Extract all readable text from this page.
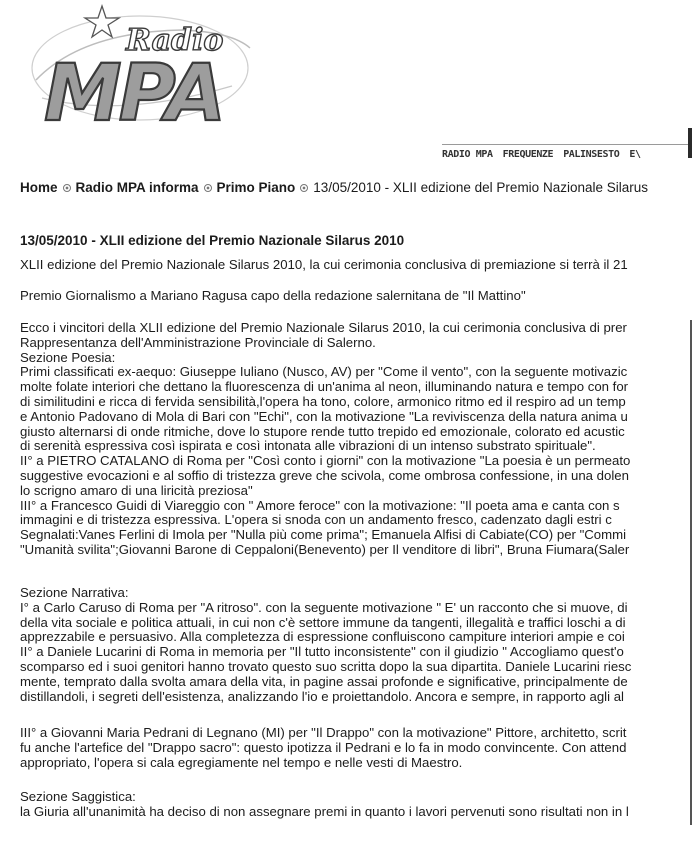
Radio
MPA
RADIO MPA FREQUENZE PALINSESTO E\
Home Radio MPA informa Primo Piano 13/05/2010 - XLII edizione del Premio Nazionale Silarus
13/05/2010 - XLII edizione del Premio Nazionale Silarus 2010
XLII edizione del Premio Nazionale Silarus 2010, la cui cerimonia conclusiva di premiazione si terrà il 21
Premio Giornalismo a Mariano Ragusa capo della redazione salernitana de "Il Mattino"
Ecco i vincitori della XLII edizione del Premio Nazionale Silarus 2010, la cui cerimonia conclusiva di prer
Rappresentanza dell'Amministrazione Provinciale di Salerno.
Sezione Poesia:
Primi classificati ex-aequo: Giuseppe Iuliano (Nusco, AV) per "Come il vento", con la seguente motivazic
molte folate interiori che dettano la fluorescenza di un'anima al neon, illuminando natura e tempo con for
di similitudini e ricca di fervida sensibilità,l'opera ha tono, colore, armonico ritmo ed il respiro ad un temp
e Antonio Padovano di Mola di Bari con "Echi", con la motivazione "La reviviscenza della natura anima u
giusto alternarsi di onde ritmiche, dove lo stupore rende tutto trepido ed emozionale, colorato ed acustic
di serenità espressiva così ispirata e così intonata alle vibrazioni di un intenso substrato spirituale".
II° a PIETRO CATALANO di Roma per "Così conto i giorni" con la motivazione "La poesia è un permeato
suggestive evocazioni e al soffio di tristezza greve che scivola, come ombrosa confessione, in una dolen
lo scrigno amaro di una liricità preziosa"
III° a Francesco Guidi di Viareggio con " Amore feroce" con la motivazione: "Il poeta ama e canta con s
immagini e di tristezza espressiva. L'opera si snoda con un andamento fresco, cadenzato dagli estri c
Segnalati:Vanes Ferlini di Imola per "Nulla più come prima"; Emanuela Alfisi di Cabiate(CO) per "Commi
"Umanità svilita";Giovanni Barone di Ceppaloni(Benevento) per Il venditore di libri", Bruna Fiumara(Saler
Sezione Narrativa:
I° a Carlo Caruso di Roma per "A ritroso". con la seguente motivazione " E' un racconto che si muove, di
della vita sociale e politica attuali, in cui non c'è settore immune da tangenti, illegalità e traffici loschi a di
apprezzabile e persuasivo. Alla completezza di espressione confluiscono campiture interiori ampie e coi
II° a Daniele Lucarini di Roma in memoria per "Il tutto inconsistente" con il giudizio " Accogliamo quest'o
scomparso ed i suoi genitori hanno trovato questo suo scritta dopo la sua dipartita. Daniele Lucarini riesc
mente, temprato dalla svolta amara della vita, in pagine assai profonde e significative, principalmente de
distillandoli, i segreti dell'esistenza, analizzando l'io e proiettandolo. Ancora e sempre, in rapporto agli al
III° a Giovanni Maria Pedrani di Legnano (MI) per "Il Drappo" con la motivazione" Pittore, architetto, scrit
fu anche l'artefice del "Drappo sacro": questo ipotizza il Pedrani e lo fa in modo convincente. Con attend
appropriato, l'opera si cala egregiamente nel tempo e nelle vesti di Maestro.
Sezione Saggistica:
la Giuria all'unanimità ha deciso di non assegnare premi in quanto i lavori pervenuti sono risultati non in l
